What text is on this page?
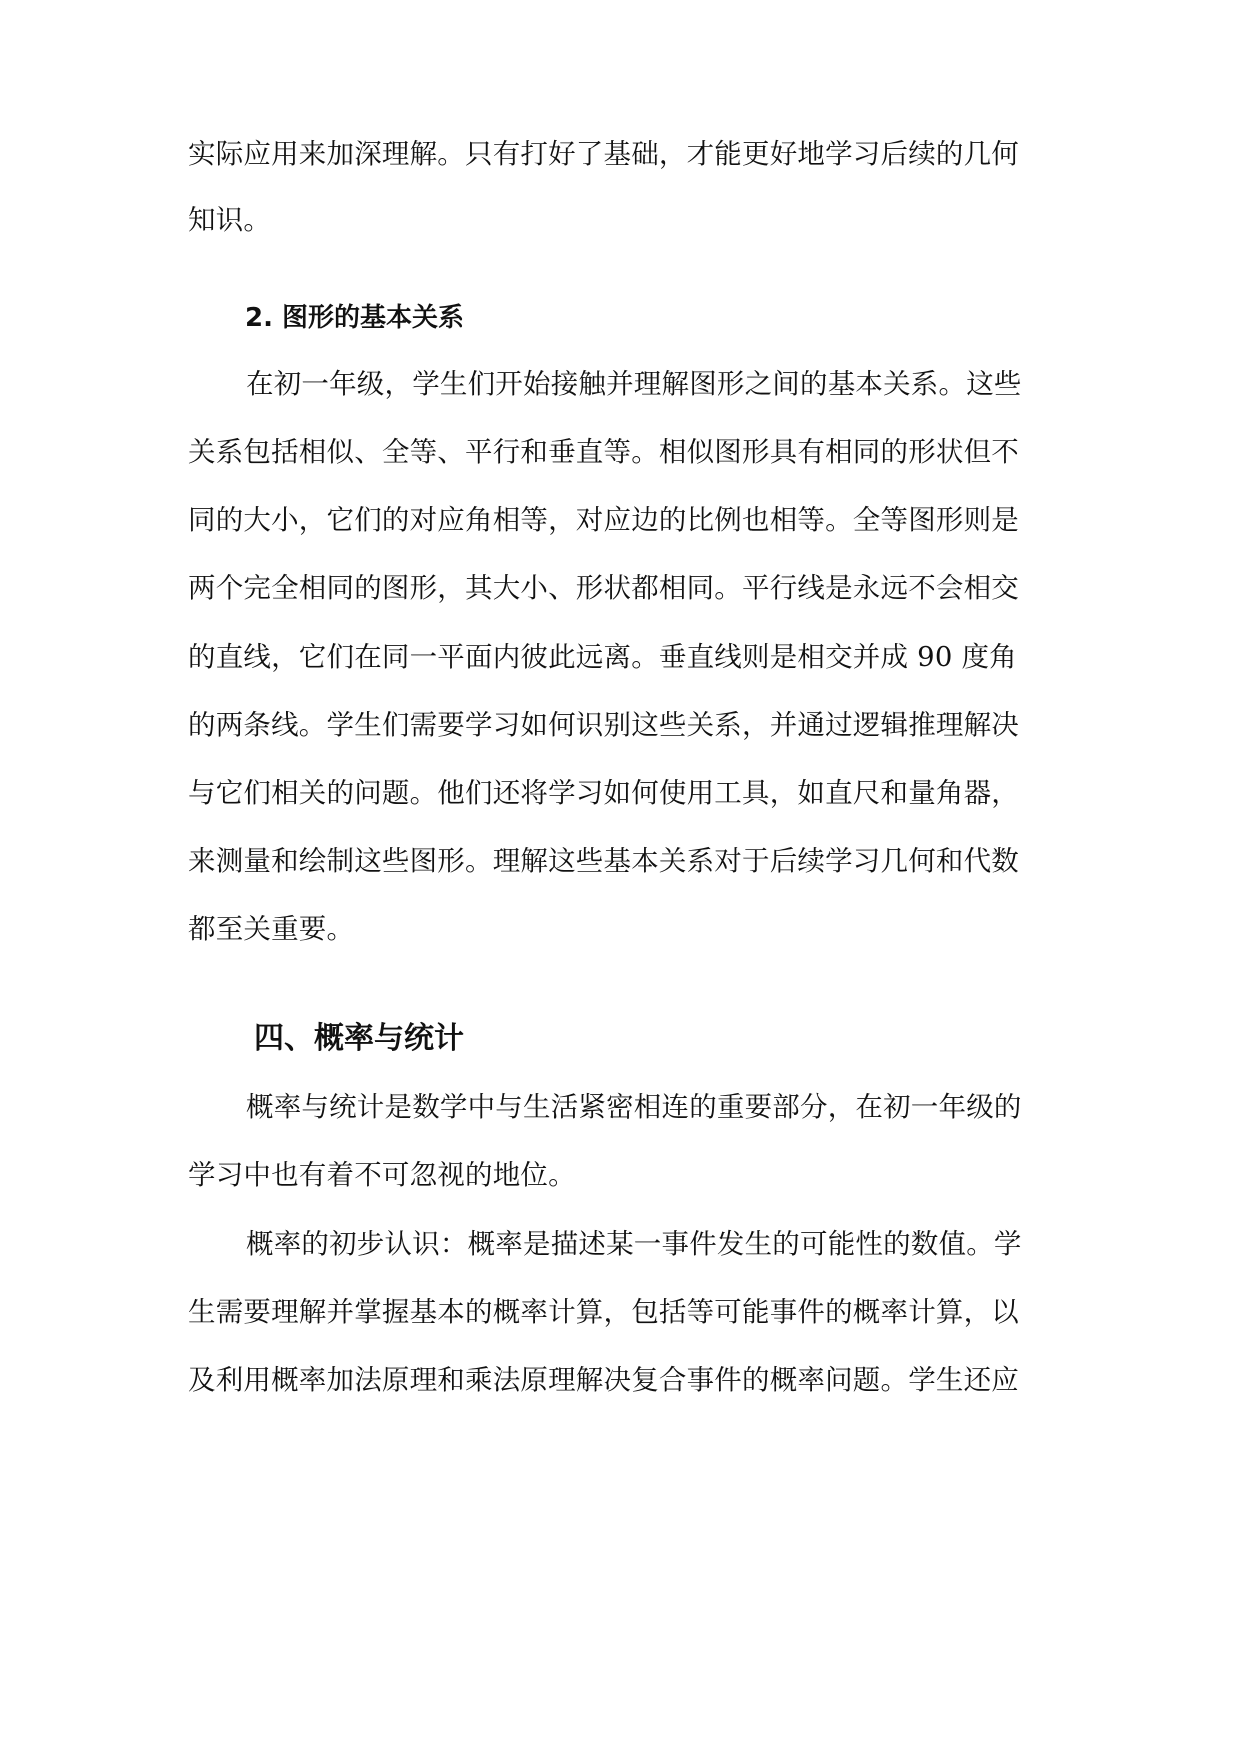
实际应用来加深理解。只有打好了基础，才能更好地学习后续的几何
知识。
2. 图形的基本关系
在初一年级，学生们开始接触并理解图形之间的基本关系。这些
关系包括相似、全等、平行和垂直等。相似图形具有相同的形状但不
同的大小，它们的对应角相等，对应边的比例也相等。全等图形则是
两个完全相同的图形，其大小、形状都相同。平行线是永远不会相交
的直线，它们在同一平面内彼此远离。垂直线则是相交并成 90 度角
的两条线。学生们需要学习如何识别这些关系，并通过逻辑推理解决
与它们相关的问题。他们还将学习如何使用工具，如直尺和量角器，
来测量和绘制这些图形。理解这些基本关系对于后续学习几何和代数
都至关重要。
四、概率与统计
概率与统计是数学中与生活紧密相连的重要部分，在初一年级的
学习中也有着不可忽视的地位。
概率的初步认识：概率是描述某一事件发生的可能性的数值。学
生需要理解并掌握基本的概率计算，包括等可能事件的概率计算，以
及利用概率加法原理和乘法原理解决复合事件的概率问题。学生还应
